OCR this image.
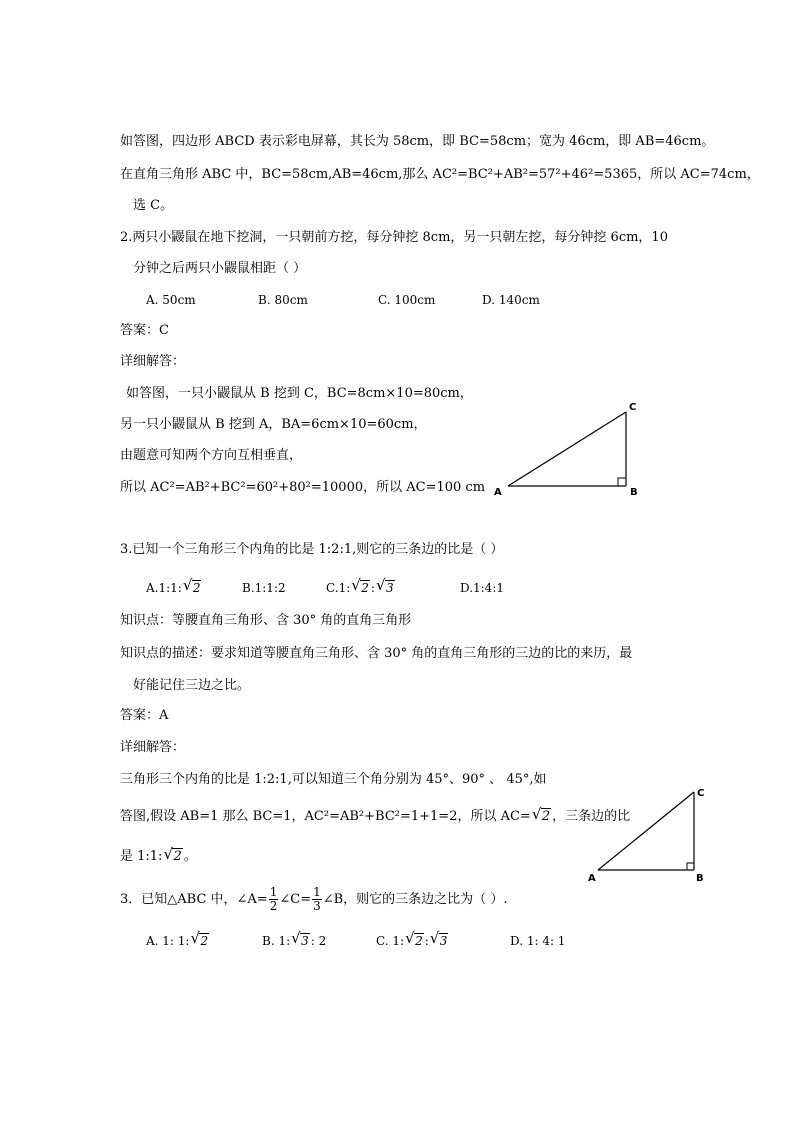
如答图，四边形 ABCD 表示彩电屏幕，其长为 58cm，即 BC=58cm；宽为 46cm，即 AB=46cm。
在直角三角形 ABC 中，BC=58cm,AB=46cm,那么 AC²=BC²+AB²=57²+46²=5365，所以 AC=74cm，
选 C。
2.两只小鼹鼠在地下挖洞，一只朝前方挖，每分钟挖 8cm，另一只朝左挖，每分钟挖 6cm，10
分钟之后两只小鼹鼠相距（ ）
A. 50cm	B. 80cm	C. 100cm	D. 140cm
答案：C
详细解答：
如答图，一只小鼹鼠从 B 挖到 C，BC=8cm×10=80cm，
另一只小鼹鼠从 B 挖到 A，BA=6cm×10=60cm，
由题意可知两个方向互相垂直，
所以 AC²=AB²+BC²=60²+80²=10000，所以 AC=100 cm A	B
C
3.已知一个三角形三个内角的比是 1:2:1,则它的三条边的比是（ ）
A.1:1: √ 2	B.1:1:2	C.1: √ 2 : √ 3	D.1:4:1
知识点：等腰直角三角形、含 30° 角的直角三角形
知识点的描述：要求知道等腰直角三角形、含 30° 角的直角三角形的三边的比的来历，最
好能记住三边之比。
答案：A
详细解答：
三角形三个内角的比是 1:2:1,可以知道三个角分别为 45°、90° 、 45°,如
答图,假设 AB=1 那么 BC=1，AC²=AB²+BC²=1+1=2，所以 AC= √ 2 ，三条边的比
是 1:1: √ 2 。
A	B
C
3．已知△ABC 中，∠A= $\frac{1}{2}$ ∠C= $\frac{1}{3}$ ∠B，则它的三条边之比为（ ）.
A. 1: 1: √ 2	B. 1: √ 3 : 2	C. 1: √ 2 : √ 3	D. 1: 4: 1
